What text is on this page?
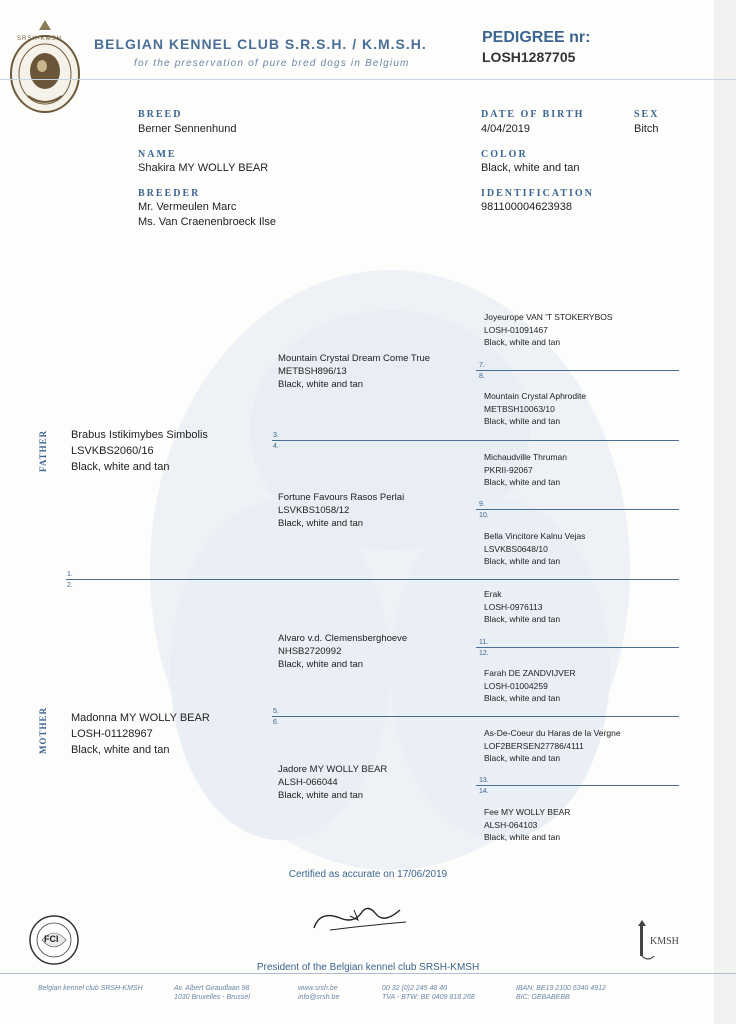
SRSH-KMSH BELGIAN KENNEL CLUB S.R.S.H. / K.M.S.H.
for the preservation of pure bred dogs in Belgium
PEDIGREE nr:
LOSH1287705
BREED
Berner Sennenhund
NAME
Shakira MY WOLLY BEAR
BREEDER
Mr. Vermeulen Marc
Ms. Van Craenenbroeck Ilse
DATE OF BIRTH
4/04/2019
SEX
Bitch
COLOR
Black, white and tan
IDENTIFICATION
981100004623938
FATHER
MOTHER
1.
2.
3.
4.
5.
6.
7.
8.
9.
10.
11.
12.
13.
14.
Brabus Istikimybes Simbolis
LSVKBS2060/16
Black, white and tan
Madonna MY WOLLY BEAR
LOSH-01128967
Black, white and tan
Mountain Crystal Dream Come True
METBSH896/13
Black, white and tan
Fortune Favours Rasos Perlai
LSVKBS1058/12
Black, white and tan
Alvaro v.d. Clemensberghoeve
NHSB2720992
Black, white and tan
Jadore MY WOLLY BEAR
ALSH-066044
Black, white and tan
Joyeurope VAN 'T STOKERYBOS
LOSH-01091467
Black, white and tan
Mountain Crystal Aphrodite
METBSH10063/10
Black, white and tan
Michaudville Thruman
PKRII-92067
Black, white and tan
Bella Vincitore Kalnu Vejas
LSVKBS0648/10
Black, white and tan
Erak
LOSH-0976113
Black, white and tan
Farah DE ZANDVIJVER
LOSH-01004259
Black, white and tan
As-De-Coeur du Haras de la Vergne
LOF2BERSEN27786/4111
Black, white and tan
Fee MY WOLLY BEAR
ALSH-064103
Black, white and tan
Certified as accurate on 17/06/2019
FCI	KMSH
President of the Belgian kennel club SRSH-KMSH
Belgian kennel club SRSH-KMSH	Av. Albert Giraudlaan 98
1030 Bruxelles - Brussel
www.srsh.be
info@srsh.be
00 32 (0)2 245 48 40
TVA - BTW: BE 0409 818 268
IBAN: BE19 2100 6340 4912
BIC: GEBABEBB
